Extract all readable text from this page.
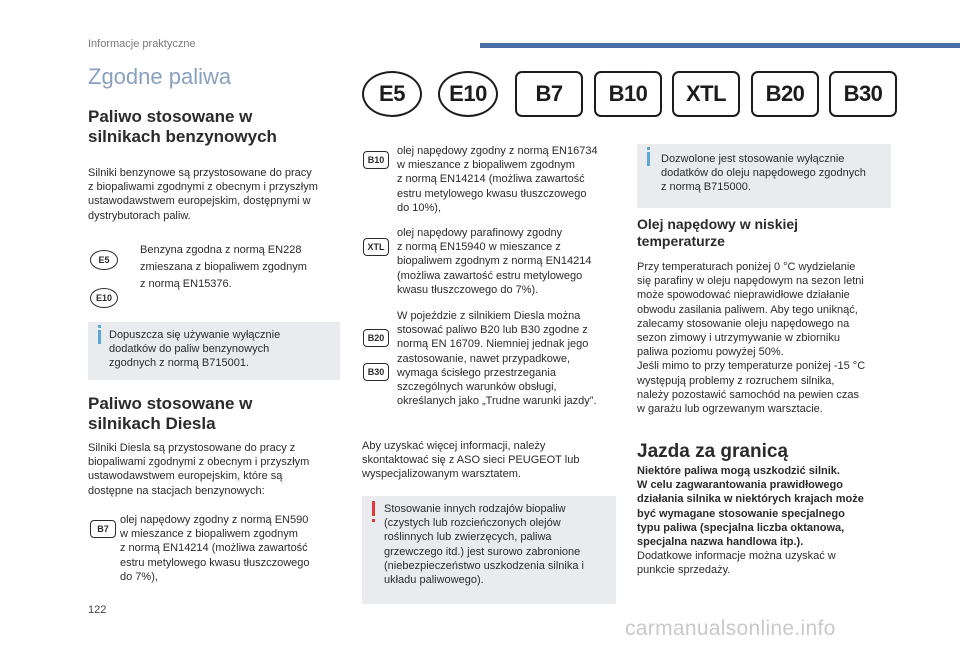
Informacje praktyczne
Zgodne paliwa
E5	E10	B7	B10	XTL	B20	B30
Paliwo stosowane w
silnikach benzynowych

Silniki benzynowe są przystosowane do pracy
z biopaliwami zgodnymi z obecnym i przyszłym
ustawodawstwem europejskim, dostępnymi w
dystrybutorach paliw.

E5
E10

Benzyna zgodna z normą EN228
zmieszana z biopaliwem zgodnym
z normą EN15376.

Dopuszcza się używanie wyłącznie
dodatków do paliw benzynowych
zgodnych z normą B715001.

Paliwo stosowane w
silnikach Diesla

Silniki Diesla są przystosowane do pracy z
biopaliwami zgodnymi z obecnym i przyszłym
ustawodawstwem europejskim, które są
dostępne na stacjach benzynowych:

B7

olej napędowy zgodny z normą EN590
w mieszance z biopaliwem zgodnym
z normą EN14214 (możliwa zawartość
estru metylowego kwasu tłuszczowego
do 7%),

B10

olej napędowy zgodny z normą EN16734
w mieszance z biopaliwem zgodnym
z normą EN14214 (możliwa zawartość
estru metylowego kwasu tłuszczowego
do 10%),

XTL

olej napędowy parafinowy zgodny
z normą EN15940 w mieszance z
biopaliwem zgodnym z normą EN14214
(możliwa zawartość estru metylowego
kwasu tłuszczowego do 7%).

B20
B30

W pojeździe z silnikiem Diesla można
stosować paliwo B20 lub B30 zgodne z
normą EN 16709. Niemniej jednak jego
zastosowanie, nawet przypadkowe,
wymaga ścisłego przestrzegania
szczególnych warunków obsługi,
określanych jako „Trudne warunki jazdy”.

Aby uzyskać więcej informacji, należy
skontaktować się z ASO sieci PEUGEOT lub
wyspecjalizowanym warsztatem.

Stosowanie innych rodzajów biopaliw
(czystych lub rozcieńczonych olejów
roślinnych lub zwierzęcych, paliwa
grzewczego itd.) jest surowo zabronione
(niebezpieczeństwo uszkodzenia silnika i
układu paliwowego).

Dozwolone jest stosowanie wyłącznie
dodatków do oleju napędowego zgodnych
z normą B715000.

Olej napędowy w niskiej
temperaturze

Przy temperaturach poniżej 0 °C wydzielanie
się parafiny w oleju napędowym na sezon letni
może spowodować nieprawidłowe działanie
obwodu zasilania paliwem. Aby tego uniknąć,
zalecamy stosowanie oleju napędowego na
sezon zimowy i utrzymywanie w zbiorniku
paliwa poziomu powyżej 50%.
Jeśli mimo to przy temperaturze poniżej -15 °C
występują problemy z rozruchem silnika,
należy pozostawić samochód na pewien czas
w garażu lub ogrzewanym warsztacie.

Jazda za granicą

Niektóre paliwa mogą uszkodzić silnik.
W celu zagwarantowania prawidłowego
działania silnika w niektórych krajach może
być wymagane stosowanie specjalnego
typu paliwa (specjalna liczba oktanowa,
specjalna nazwa handlowa itp.).

Dodatkowe informacje można uzyskać w
punkcie sprzedaży.

122
carmanualsonline.info
